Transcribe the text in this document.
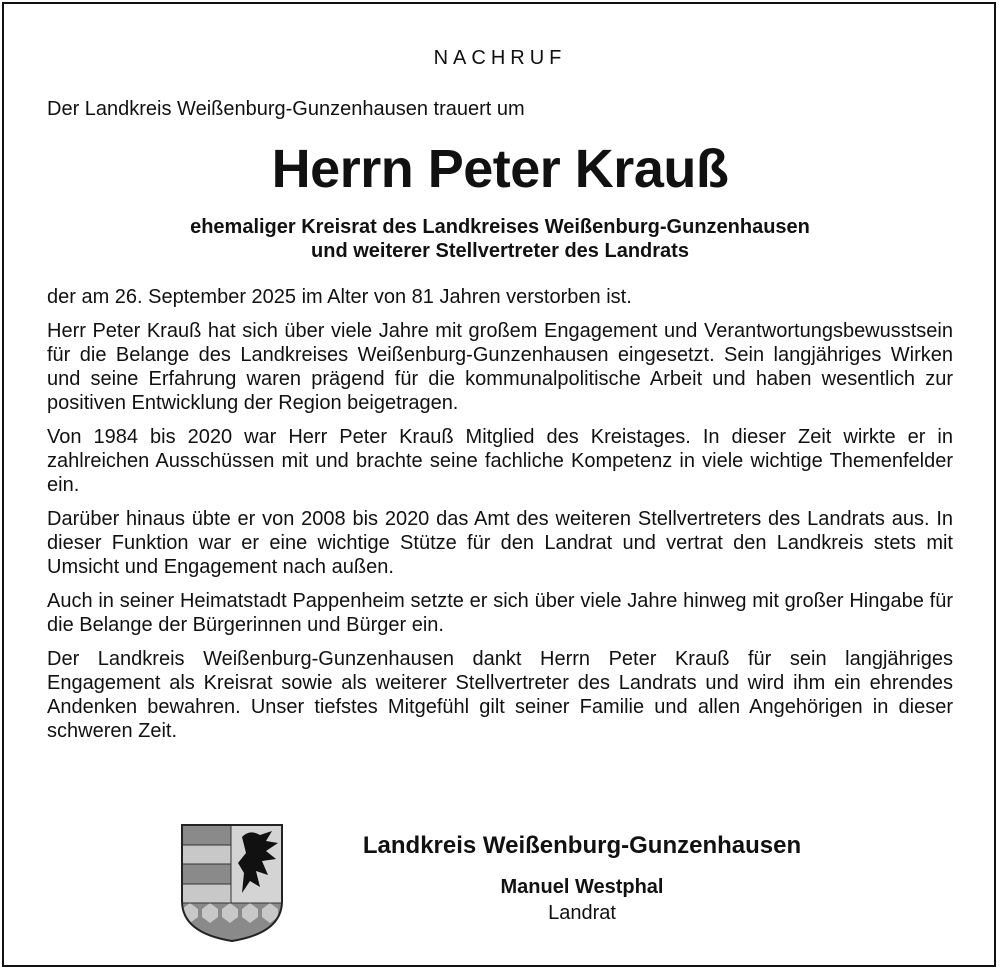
NACHRUF
Der Landkreis Weißenburg-Gunzenhausen trauert um
Herrn Peter Krauß
ehemaliger Kreisrat des Landkreises Weißenburg-Gunzenhausen
und weiterer Stellvertreter des Landrats

der am 26. September 2025 im Alter von 81 Jahren verstorben ist.

Herr Peter Krauß hat sich über viele Jahre mit großem Engagement und Verantwortungsbewusstsein für die Belange des Landkreises Weißenburg-Gunzenhausen eingesetzt. Sein langjähriges Wirken und seine Erfahrung waren prägend für die kommunalpolitische Arbeit und haben wesentlich zur positiven Entwicklung der Region beigetragen.

Von 1984 bis 2020 war Herr Peter Krauß Mitglied des Kreistages. In dieser Zeit wirkte er in zahlreichen Ausschüssen mit und brachte seine fachliche Kompetenz in viele wichtige Themenfelder ein.

Darüber hinaus übte er von 2008 bis 2020 das Amt des weiteren Stellvertreters des Landrats aus. In dieser Funktion war er eine wichtige Stütze für den Landrat und vertrat den Landkreis stets mit Umsicht und Engagement nach außen.

Auch in seiner Heimatstadt Pappenheim setzte er sich über viele Jahre hinweg mit großer Hingabe für die Belange der Bürgerinnen und Bürger ein.

Der Landkreis Weißenburg-Gunzenhausen dankt Herrn Peter Krauß für sein langjähriges Engagement als Kreisrat sowie als weiterer Stellvertreter des Landrats und wird ihm ein ehrendes Andenken bewahren. Unser tiefstes Mitgefühl gilt seiner Familie und allen Angehörigen in dieser schweren Zeit.

Landkreis Weißenburg-Gunzenhausen
Manuel Westphal
Landrat
